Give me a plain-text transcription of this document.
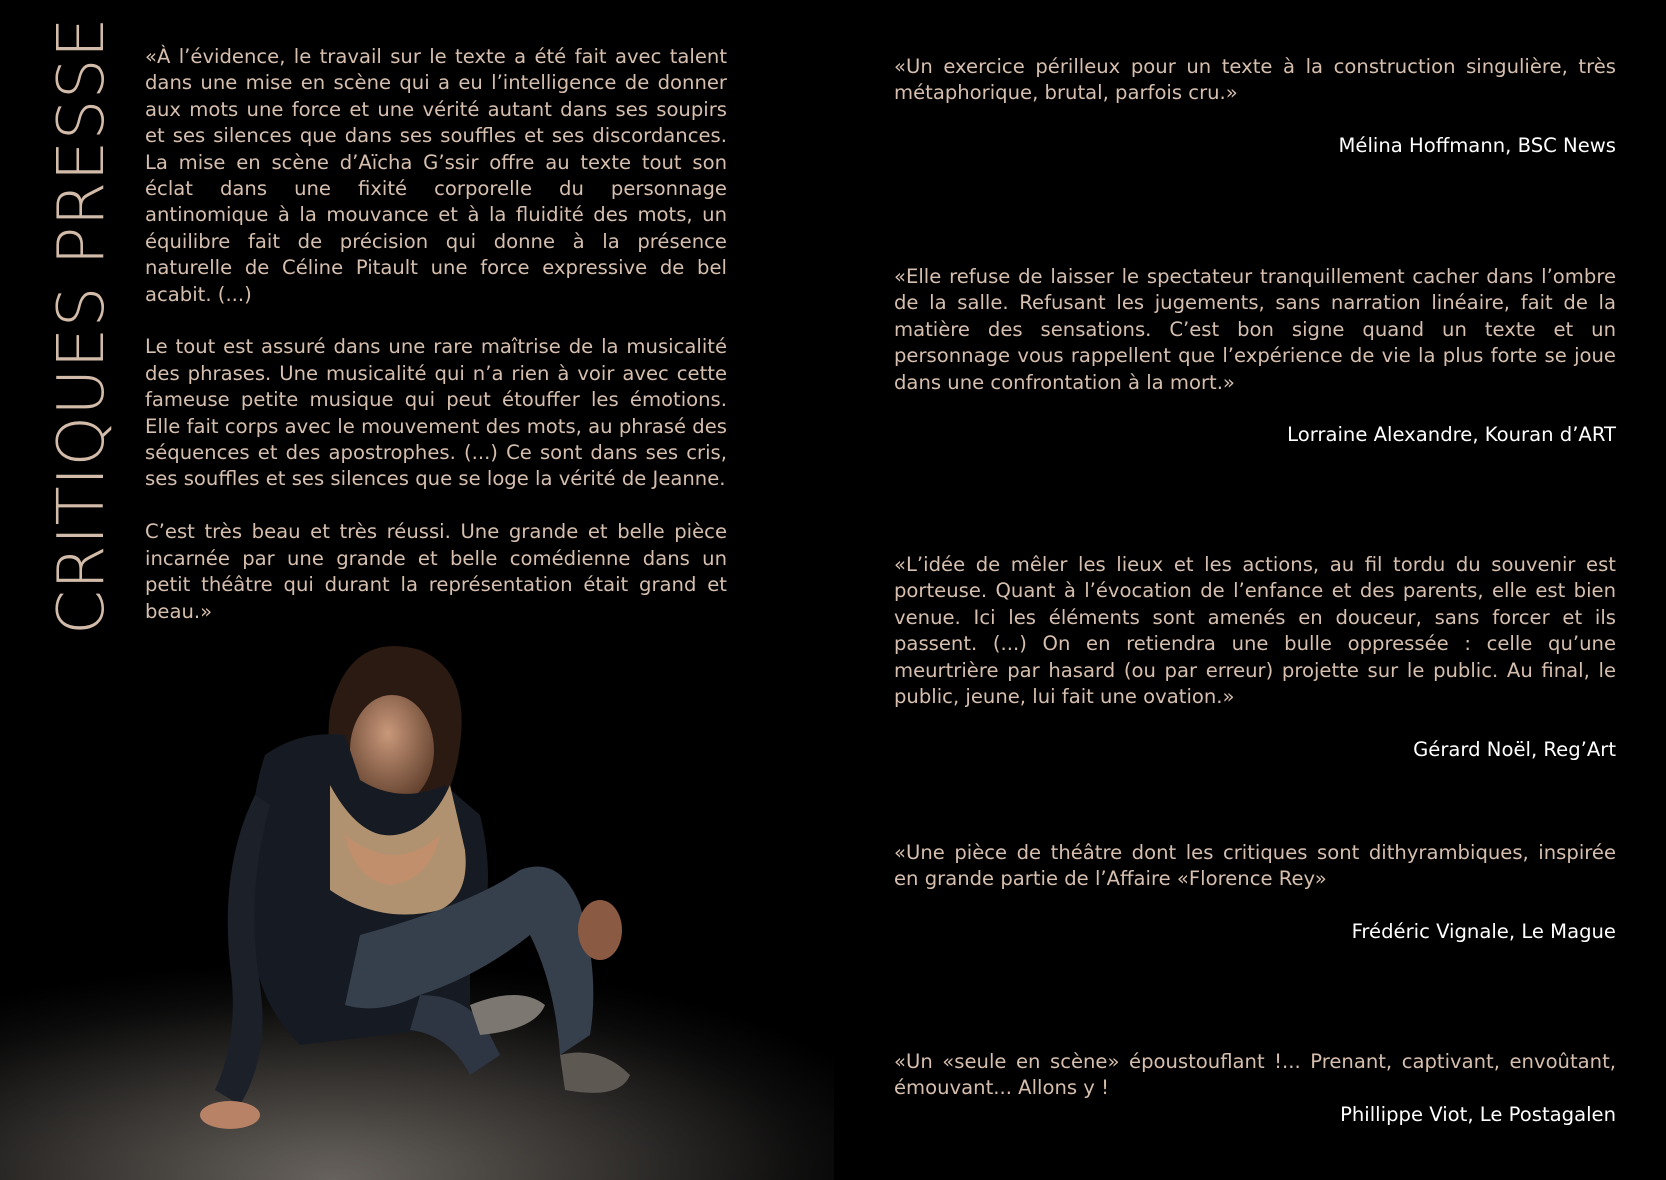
CRITIQUES PRESSE «À l’évidence, le travail sur le texte a été fait avec talent dans une mise en scène qui a eu l’intelligence de donner aux mots une force et une vérité autant dans ses soupirs et ses silences que dans ses souffles et ses discordances. La mise en scène d’Aïcha G’ssir offre au texte tout son éclat dans une fixité corporelle du personnage antinomique à la mouvance et à la fluidité des mots, un équilibre fait de précision qui donne à la présence naturelle de Céline Pitault une force expressive de bel acabit. (...)

Le tout est assuré dans une rare maîtrise de la musicalité des phrases. Une musicalité qui n’a rien à voir avec cette fameuse petite musique qui peut étouffer les émotions. Elle fait corps avec le mouvement des mots, au phrasé des séquences et des apostrophes. (...) Ce sont dans ses cris, ses souffles et ses silences que se loge la vérité de Jeanne.

C’est très beau et très réussi. Une grande et belle pièce incarnée par une grande et belle comédienne dans un petit théâtre qui durant la représentation était grand et beau.»

«Un exercice périlleux pour un texte à la construction singulière, très métaphorique, brutal, parfois cru.»

Mélina Hoffmann, BSC News

«Elle refuse de laisser le spectateur tranquillement cacher dans l’ombre de la salle. Refusant les jugements, sans narration linéaire, fait de la matière des sensations. C’est bon signe quand un texte et un personnage vous rappellent que l’expérience de vie la plus forte se joue dans une confrontation à la mort.»

Lorraine Alexandre, Kouran d’ART

«L’idée de mêler les lieux et les actions, au fil tordu du souvenir est porteuse. Quant à l’évocation de l’enfance et des parents, elle est bien venue. Ici les éléments sont amenés en douceur, sans forcer et ils passent. (...) On en retiendra une bulle oppressée : celle qu’une meurtrière par hasard (ou par erreur) projette sur le public. Au final, le public, jeune, lui fait une ovation.»

Gérard Noël, Reg’Art

«Une pièce de théâtre dont les critiques sont dithyrambiques, inspirée en grande partie de l’Affaire «Florence Rey»

Frédéric Vignale, Le Mague

«Un «seule en scène» époustouflant !... Prenant, captivant, envoûtant, émouvant... Allons y !

Phillippe Viot, Le Postagalen
